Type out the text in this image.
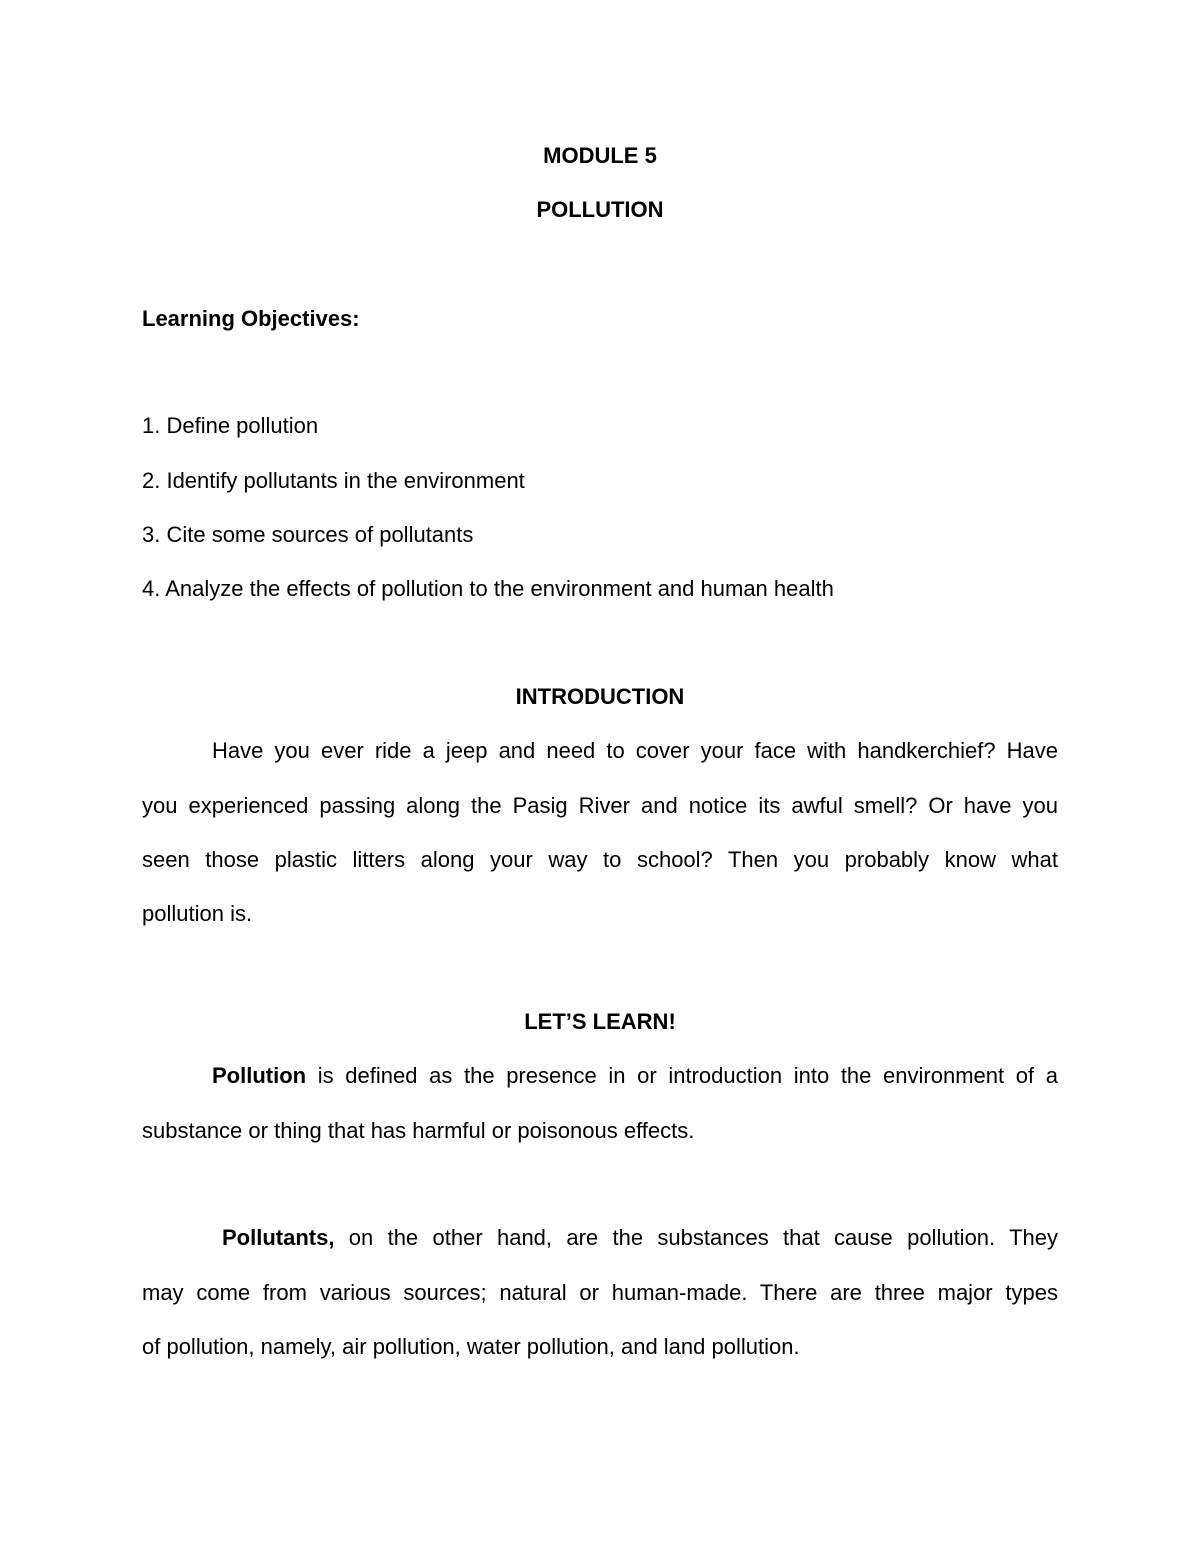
MODULE 5
POLLUTION
Learning Objectives:
1. Define pollution
2. Identify pollutants in the environment
3. Cite some sources of pollutants
4. Analyze the effects of pollution to the environment and human health
INTRODUCTION
Have you ever ride a jeep and need to cover your face with handkerchief? Have
you experienced passing along the Pasig River and notice its awful smell? Or have you
seen those plastic litters along your way to school? Then you probably know what
pollution is.
LET’S LEARN!
Pollution is defined as the presence in or introduction into the environment of a
substance or thing that has harmful or poisonous effects.
Pollutants, on the other hand, are the substances that cause pollution. They
may come from various sources; natural or human-made. There are three major types
of pollution, namely, air pollution, water pollution, and land pollution.
